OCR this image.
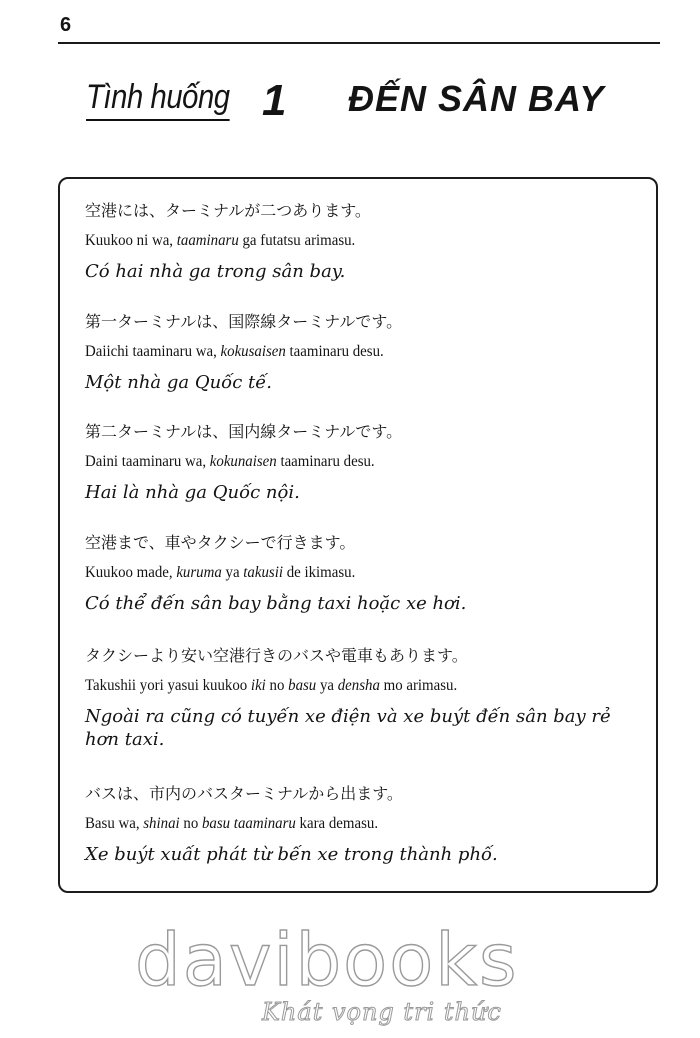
6
Tình huống 1 ĐẾN SÂN BAY
空港には、ターミナルが二つあります。
Kuukoo ni wa, taaminaru ga futatsu arimasu.
Có hai nhà ga trong sân bay.
第一ターミナルは、国際線ターミナルです。
Daiichi taaminaru wa, kokusaisen taaminaru desu.
Một nhà ga Quốc tế.
第二ターミナルは、国内線ターミナルです。
Daini taaminaru wa, kokunaisen taaminaru desu.
Hai là nhà ga Quốc nội.
空港まで、車やタクシーで行きます。
Kuukoo made, kuruma ya takusii de ikimasu.
Có thể đến sân bay bằng taxi hoặc xe hơi.
タクシーより安い空港行きのバスや電車もあります。
Takushii yori yasui kuukoo iki no basu ya densha mo arimasu.
Ngoài ra cũng có tuyến xe điện và xe buýt đến sân bay rẻ hơn taxi.
バスは、市内のバスターミナルから出ます。
Basu wa, shinai no basu taaminaru kara demasu.
Xe buýt xuất phát từ bến xe trong thành phố.
davibooks
Khát vọng tri thức
